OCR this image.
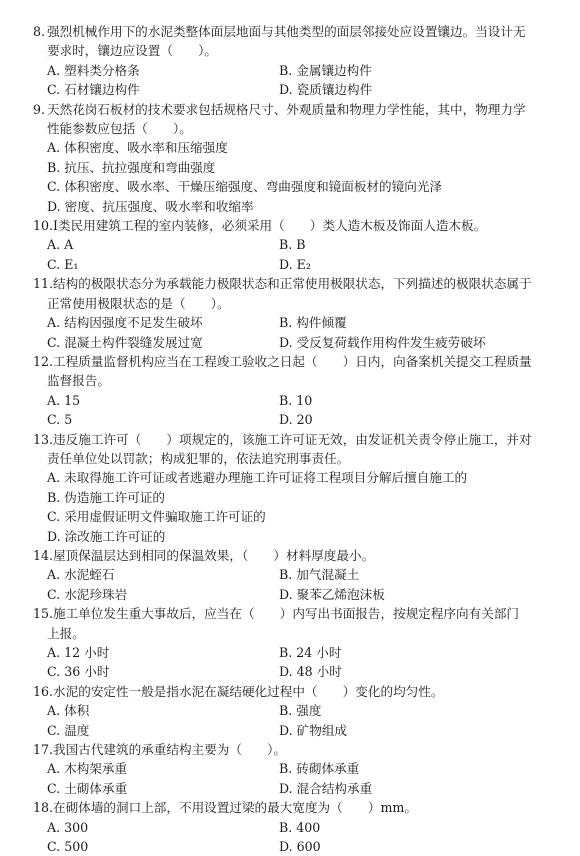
8. 强烈机械作用下的水泥类整体面层地面与其他类型的面层邻接处应设置镶边。当设计无
要求时，镶边应设置（　　）。
A. 塑料类分格条	B. 金属镶边构件
C. 石材镶边构件	D. 瓷质镶边构件
9. 天然花岗石板材的技术要求包括规格尺寸、外观质量和物理力学性能，其中，物理力学
性能参数应包括（　　）。
A. 体积密度、吸水率和压缩强度
B. 抗压、抗拉强度和弯曲强度
C. 体积密度、吸水率、干燥压缩强度、弯曲强度和镜面板材的镜向光泽
D. 密度、抗压强度、吸水率和收缩率
10.Ⅰ类民用建筑工程的室内装修，必须采用（　　）类人造木板及饰面人造木板。
A. A	B. B
C. E₁	D. E₂
11.结构的极限状态分为承载能力极限状态和正常使用极限状态，下列描述的极限状态属于
正常使用极限状态的是（　　）。
A. 结构因强度不足发生破坏	B. 构件倾覆
C. 混凝土构件裂缝发展过宽	D. 受反复荷载作用构件发生疲劳破坏
12.工程质量监督机构应当在工程竣工验收之日起（　　）日内，向备案机关提交工程质量
监督报告。
A. 15	B. 10
C. 5	D. 20
13.违反施工许可（　　）项规定的，该施工许可证无效，由发证机关责令停止施工，并对
责任单位处以罚款；构成犯罪的，依法追究刑事责任。
A. 未取得施工许可证或者逃避办理施工许可证将工程项目分解后擅自施工的
B. 伪造施工许可证的
C. 采用虚假证明文件骗取施工许可证的
D. 涂改施工许可证的
14.屋顶保温层达到相同的保温效果，（　　）材料厚度最小。
A. 水泥蛭石	B. 加气混凝土
C. 水泥珍珠岩	D. 聚苯乙烯泡沫板
15.施工单位发生重大事故后，应当在（　　）内写出书面报告，按规定程序向有关部门
上报。
A. 12 小时	B. 24 小时
C. 36 小时	D. 48 小时
16.水泥的安定性一般是指水泥在凝结硬化过程中（　　）变化的均匀性。
A. 体积	B. 强度
C. 温度	D. 矿物组成
17.我国古代建筑的承重结构主要为（　　）。
A. 木构架承重	B. 砖砌体承重
C. 土砌体承重	D. 混合结构承重
18.在砌体墙的洞口上部，不用设置过梁的最大宽度为（　　）mm。
A. 300	B. 400
C. 500	D. 600
